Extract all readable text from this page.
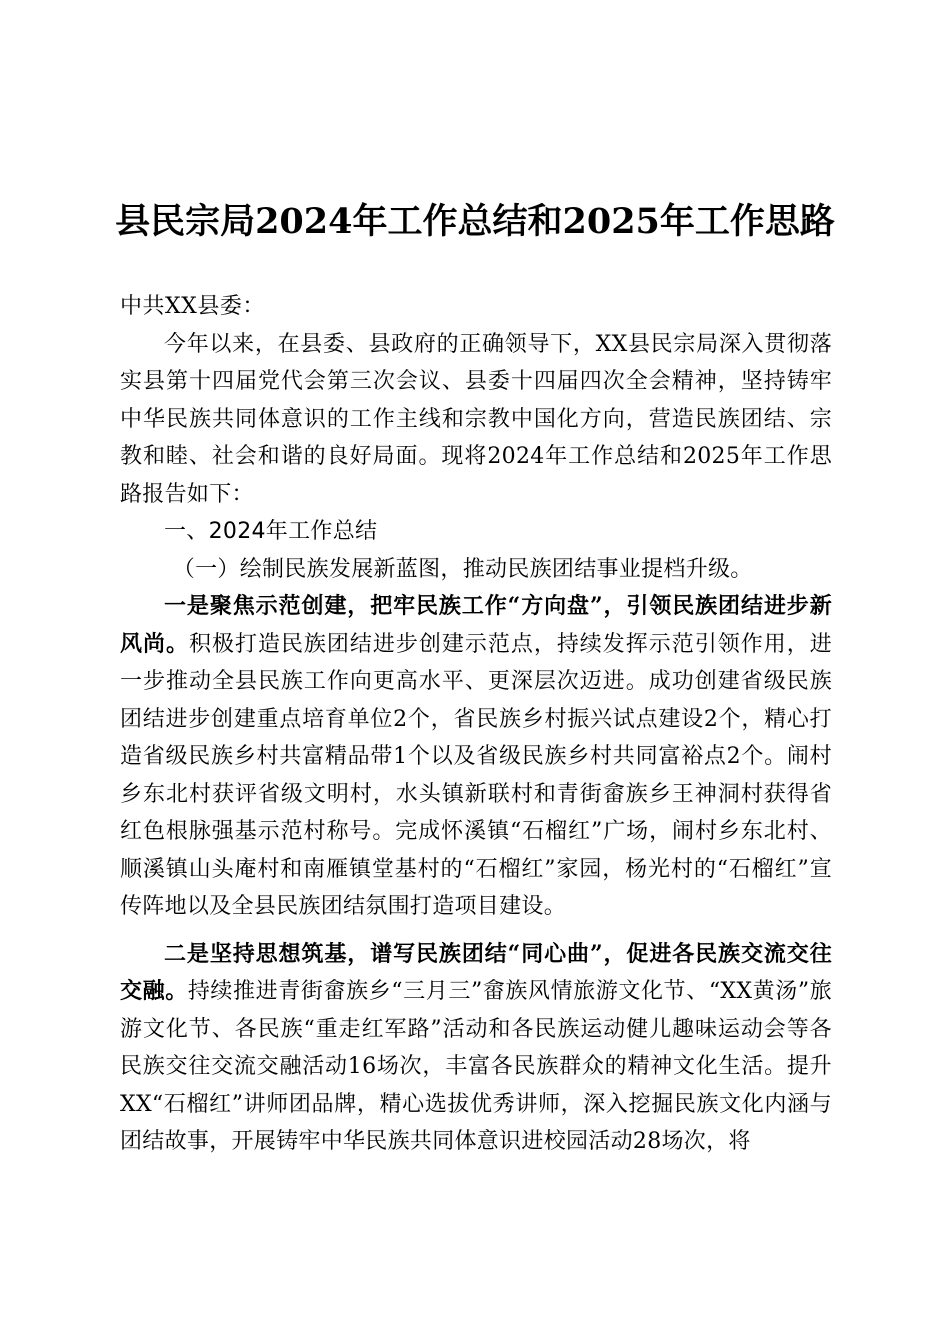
县民宗局2024年工作总结和2025年工作思路

中共XX县委：

今年以来，在县委、县政府的正确领导下，XX县民宗局深入贯彻落实县第十四届党代会第三次会议、县委十四届四次全会精神，坚持铸牢中华民族共同体意识的工作主线和宗教中国化方向，营造民族团结、宗教和睦、社会和谐的良好局面。现将2024年工作总结和2025年工作思路报告如下：

一、2024年工作总结

（一）绘制民族发展新蓝图，推动民族团结事业提档升级。

一是聚焦示范创建，把牢民族工作“方向盘”，引领民族团结进步新风尚。积极打造民族团结进步创建示范点，持续发挥示范引领作用，进一步推动全县民族工作向更高水平、更深层次迈进。成功创建省级民族团结进步创建重点培育单位2个，省民族乡村振兴试点建设2个，精心打造省级民族乡村共富精品带1个以及省级民族乡村共同富裕点2个。闹村乡东北村获评省级文明村，水头镇新联村和青街畲族乡王神洞村获得省红色根脉强基示范村称号。完成怀溪镇“石榴红”广场，闹村乡东北村、顺溪镇山头庵村和南雁镇堂基村的“石榴红”家园，杨光村的“石榴红”宣传阵地以及全县民族团结氛围打造项目建设。

二是坚持思想筑基，谱写民族团结“同心曲”，促进各民族交流交往交融。持续推进青街畲族乡“三月三”畲族风情旅游文化节、“XX黄汤”旅游文化节、各民族“重走红军路”活动和各民族运动健儿趣味运动会等各民族交往交流交融活动16场次，丰富各民族群众的精神文化生活。提升XX“石榴红”讲师团品牌，精心选拔优秀讲师，深入挖掘民族文化内涵与团结故事，开展铸牢中华民族共同体意识进校园活动28场次，将
